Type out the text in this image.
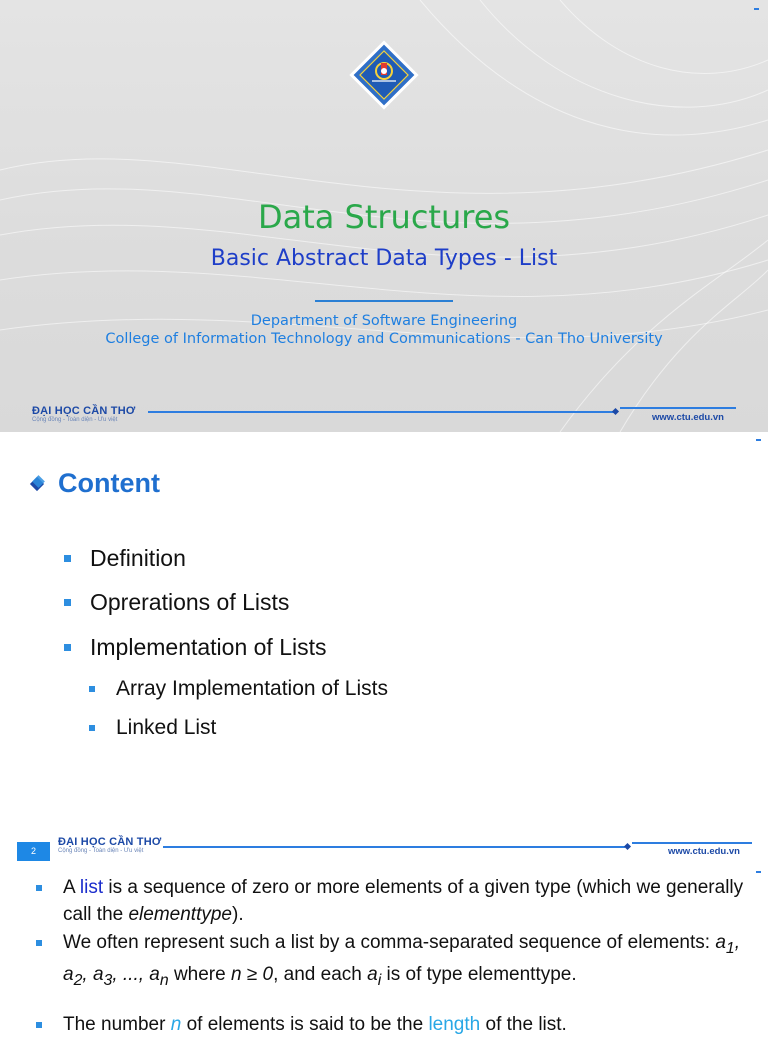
Data Structures
Basic Abstract Data Types - List
Department of Software Engineering
College of Information Technology and Communications - Can Tho University
ĐẠI HỌC CẦN THƠ
Cộng đồng - Toàn diện - Ưu việt	www.ctu.edu.vn
Content
Definition
Oprerations of Lists
Implementation of Lists
Array Implementation of Lists
Linked List
ĐẠI HỌC CẦN THƠ
Cộng đồng - Toàn diện - Ưu việt	www.ctu.edu.vn
2
A list is a sequence of zero or more elements of a given type (which we generally call the elementtype).
We often represent such a list by a comma-separated sequence of elements: $a_1$, $a_2$, $a_3$, ..., $a_n$ where n ≥ 0, and each $a_i$ is of type elementtype.
The number n of elements is said to be the length of the list.
